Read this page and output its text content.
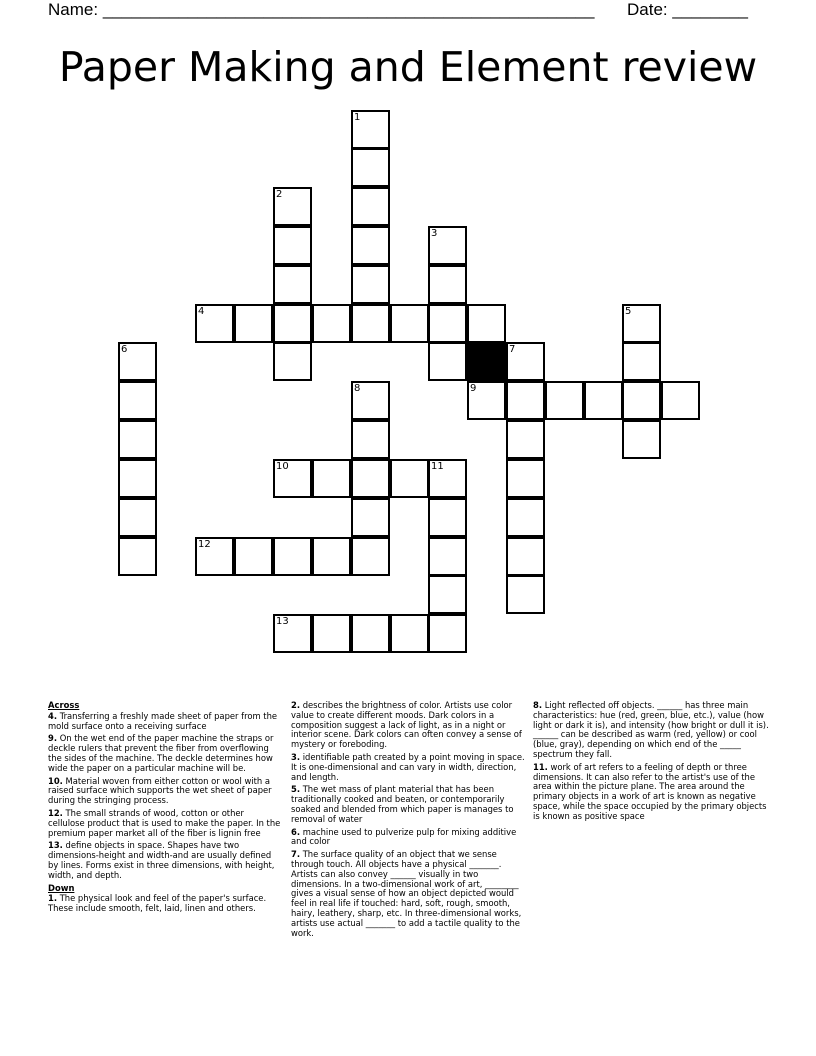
Name: ____________________________________________________ Date: ________
Paper Making and Element review
1
2
3
4	5
6	7
8	9
10	11
12
13

Across

4. Transferring a freshly made sheet of paper from the mold surface onto a receiving surface

9. On the wet end of the paper machine the straps or deckle rulers that prevent the fiber from overflowing the sides of the machine. The deckle determines how wide the paper on a particular machine will be.

10. Material woven from either cotton or wool with a raised surface which supports the wet sheet of paper during the stringing process.

12. The small strands of wood, cotton or other cellulose product that is used to make the paper. In the premium paper market all of the fiber is lignin free

13. define objects in space. Shapes have two dimensions-height and width-and are usually defined by lines. Forms exist in three dimensions, with height, width, and depth.

Down

1. The physical look and feel of the paper's surface. These include smooth, felt, laid, linen and others.

2. describes the brightness of color. Artists use color value to create different moods. Dark colors in a composition suggest a lack of light, as in a night or interior scene. Dark colors can often convey a sense of mystery or foreboding.

3. identifiable path created by a point moving in space. It is one-dimensional and can vary in width, direction, and length.

5. The wet mass of plant material that has been traditionally cooked and beaten, or contemporarily soaked and blended from which paper is manages to removal of water

6. machine used to pulverize pulp for mixing additive and color

7. The surface quality of an object that we sense through touch. All objects have a physical _______. Artists can also convey ______ visually in two dimensions. In a two-dimensional work of art, ________ gives a visual sense of how an object depicted would feel in real life if touched: hard, soft, rough, smooth, hairy, leathery, sharp, etc. In three-dimensional works, artists use actual _______ to add a tactile quality to the work.

8. Light reflected off objects. ______ has three main characteristics: hue (red, green, blue, etc.), value (how light or dark it is), and intensity (how bright or dull it is). ______ can be described as warm (red, yellow) or cool (blue, gray), depending on which end of the _____ spectrum they fall.

11. work of art refers to a feeling of depth or three dimensions. It can also refer to the artist's use of the area within the picture plane. The area around the primary objects in a work of art is known as negative space, while the space occupied by the primary objects is known as positive space
